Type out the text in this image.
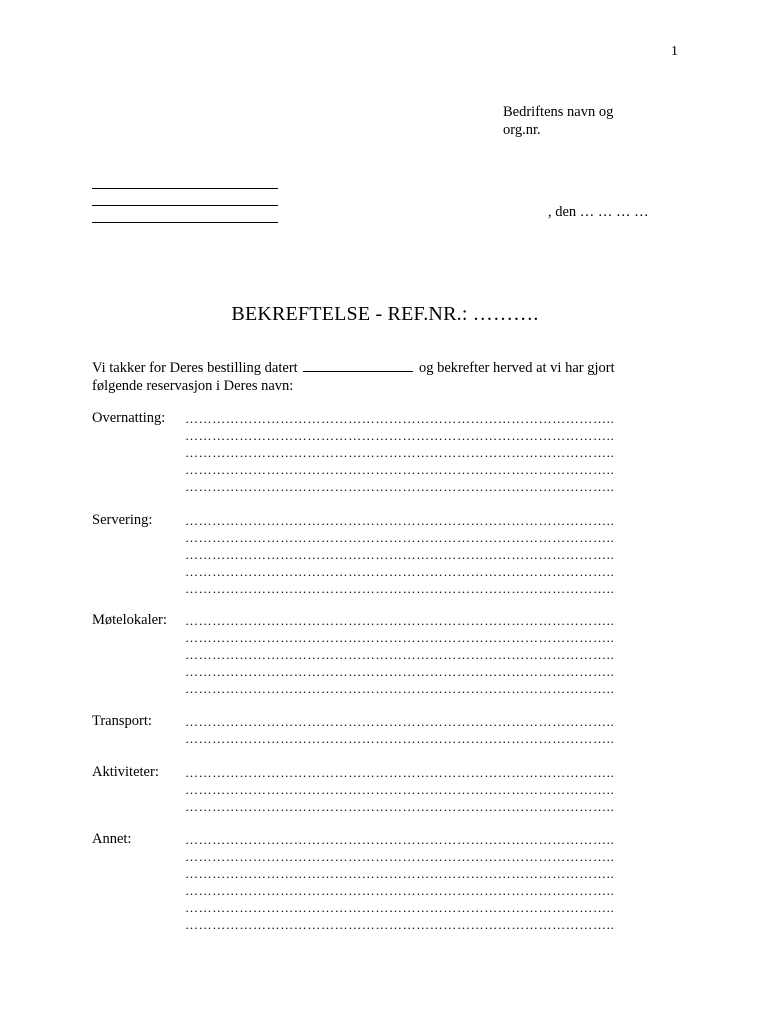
1
Bedriftens navn og
org.nr.
, den … … … …
BEKREFTELSE - REF.NR.: ……….
Vi takker for Deres bestilling datert	og bekrefter herved at vi har gjort
følgende reservasjon i Deres navn:
Overnatting: …………………………………………………………………………………..
…………………………………………………………………………………..
…………………………………………………………………………………..
…………………………………………………………………………………..
…………………………………………………………………………………..
Servering:	…………………………………………………………………………………..
…………………………………………………………………………………..
…………………………………………………………………………………..
…………………………………………………………………………………..
…………………………………………………………………………………..
Møtelokaler: …………………………………………………………………………………..
…………………………………………………………………………………..
…………………………………………………………………………………..
…………………………………………………………………………………..
…………………………………………………………………………………..
Transport:	…………………………………………………………………………………..
…………………………………………………………………………………..
Aktiviteter: …………………………………………………………………………………..
…………………………………………………………………………………..
…………………………………………………………………………………..
Annet:	…………………………………………………………………………………..
…………………………………………………………………………………..
…………………………………………………………………………………..
…………………………………………………………………………………..
…………………………………………………………………………………..
…………………………………………………………………………………..
